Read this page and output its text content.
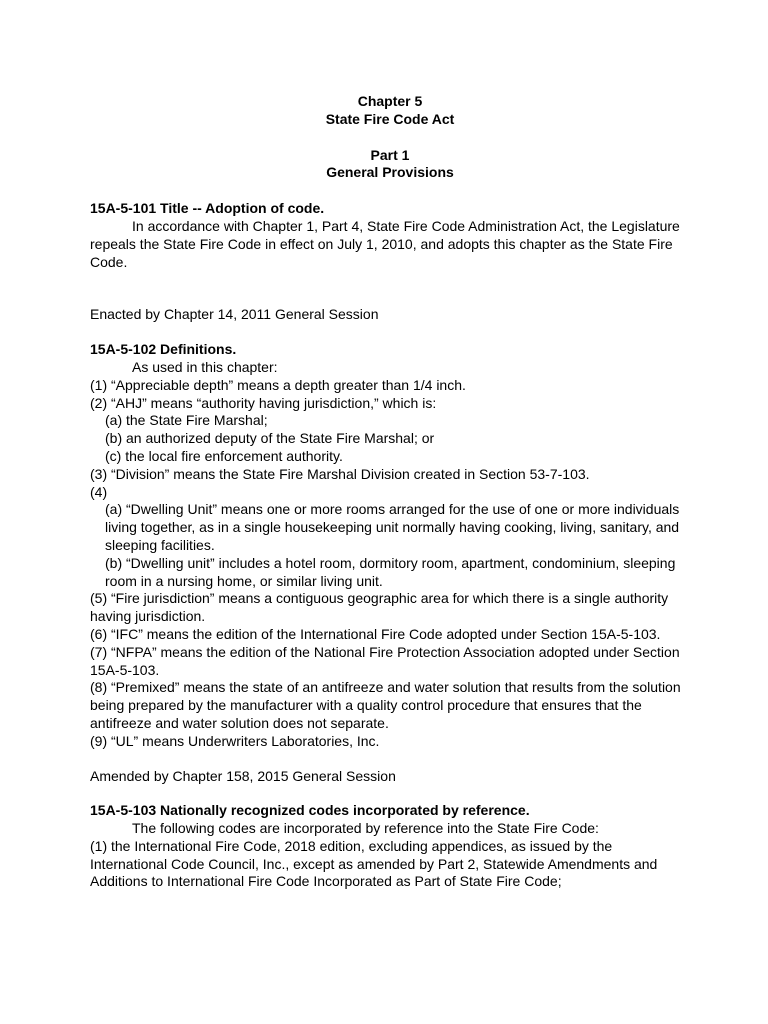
Chapter 5

State Fire Code Act

Part 1

General Provisions

15A-5-101 Title -- Adoption of code.

In accordance with Chapter 1, Part 4, State Fire Code Administration Act, the Legislature repeals the State Fire Code in effect on July 1, 2010, and adopts this chapter as the State Fire Code.

Enacted by Chapter 14, 2011 General Session

15A-5-102 Definitions.

As used in this chapter:

(1) “Appreciable depth” means a depth greater than 1/4 inch.

(2) “AHJ” means “authority having jurisdiction,” which is:

(a) the State Fire Marshal;

(b) an authorized deputy of the State Fire Marshal; or

(c) the local fire enforcement authority.

(3) “Division” means the State Fire Marshal Division created in Section 53-7-103.

(4)

(a) “Dwelling Unit” means one or more rooms arranged for the use of one or more individuals living together, as in a single housekeeping unit normally having cooking, living, sanitary, and sleeping facilities.

(b) “Dwelling unit” includes a hotel room, dormitory room, apartment, condominium, sleeping room in a nursing home, or similar living unit.

(5) “Fire jurisdiction” means a contiguous geographic area for which there is a single authority having jurisdiction.

(6) “IFC” means the edition of the International Fire Code adopted under Section 15A-5-103.

(7) “NFPA” means the edition of the National Fire Protection Association adopted under Section 15A-5-103.

(8) “Premixed” means the state of an antifreeze and water solution that results from the solution being prepared by the manufacturer with a quality control procedure that ensures that the antifreeze and water solution does not separate.

(9) “UL” means Underwriters Laboratories, Inc.

Amended by Chapter 158, 2015 General Session

15A-5-103 Nationally recognized codes incorporated by reference.

The following codes are incorporated by reference into the State Fire Code:

(1) the International Fire Code, 2018 edition, excluding appendices, as issued by the International Code Council, Inc., except as amended by Part 2, Statewide Amendments and Additions to International Fire Code Incorporated as Part of State Fire Code;
